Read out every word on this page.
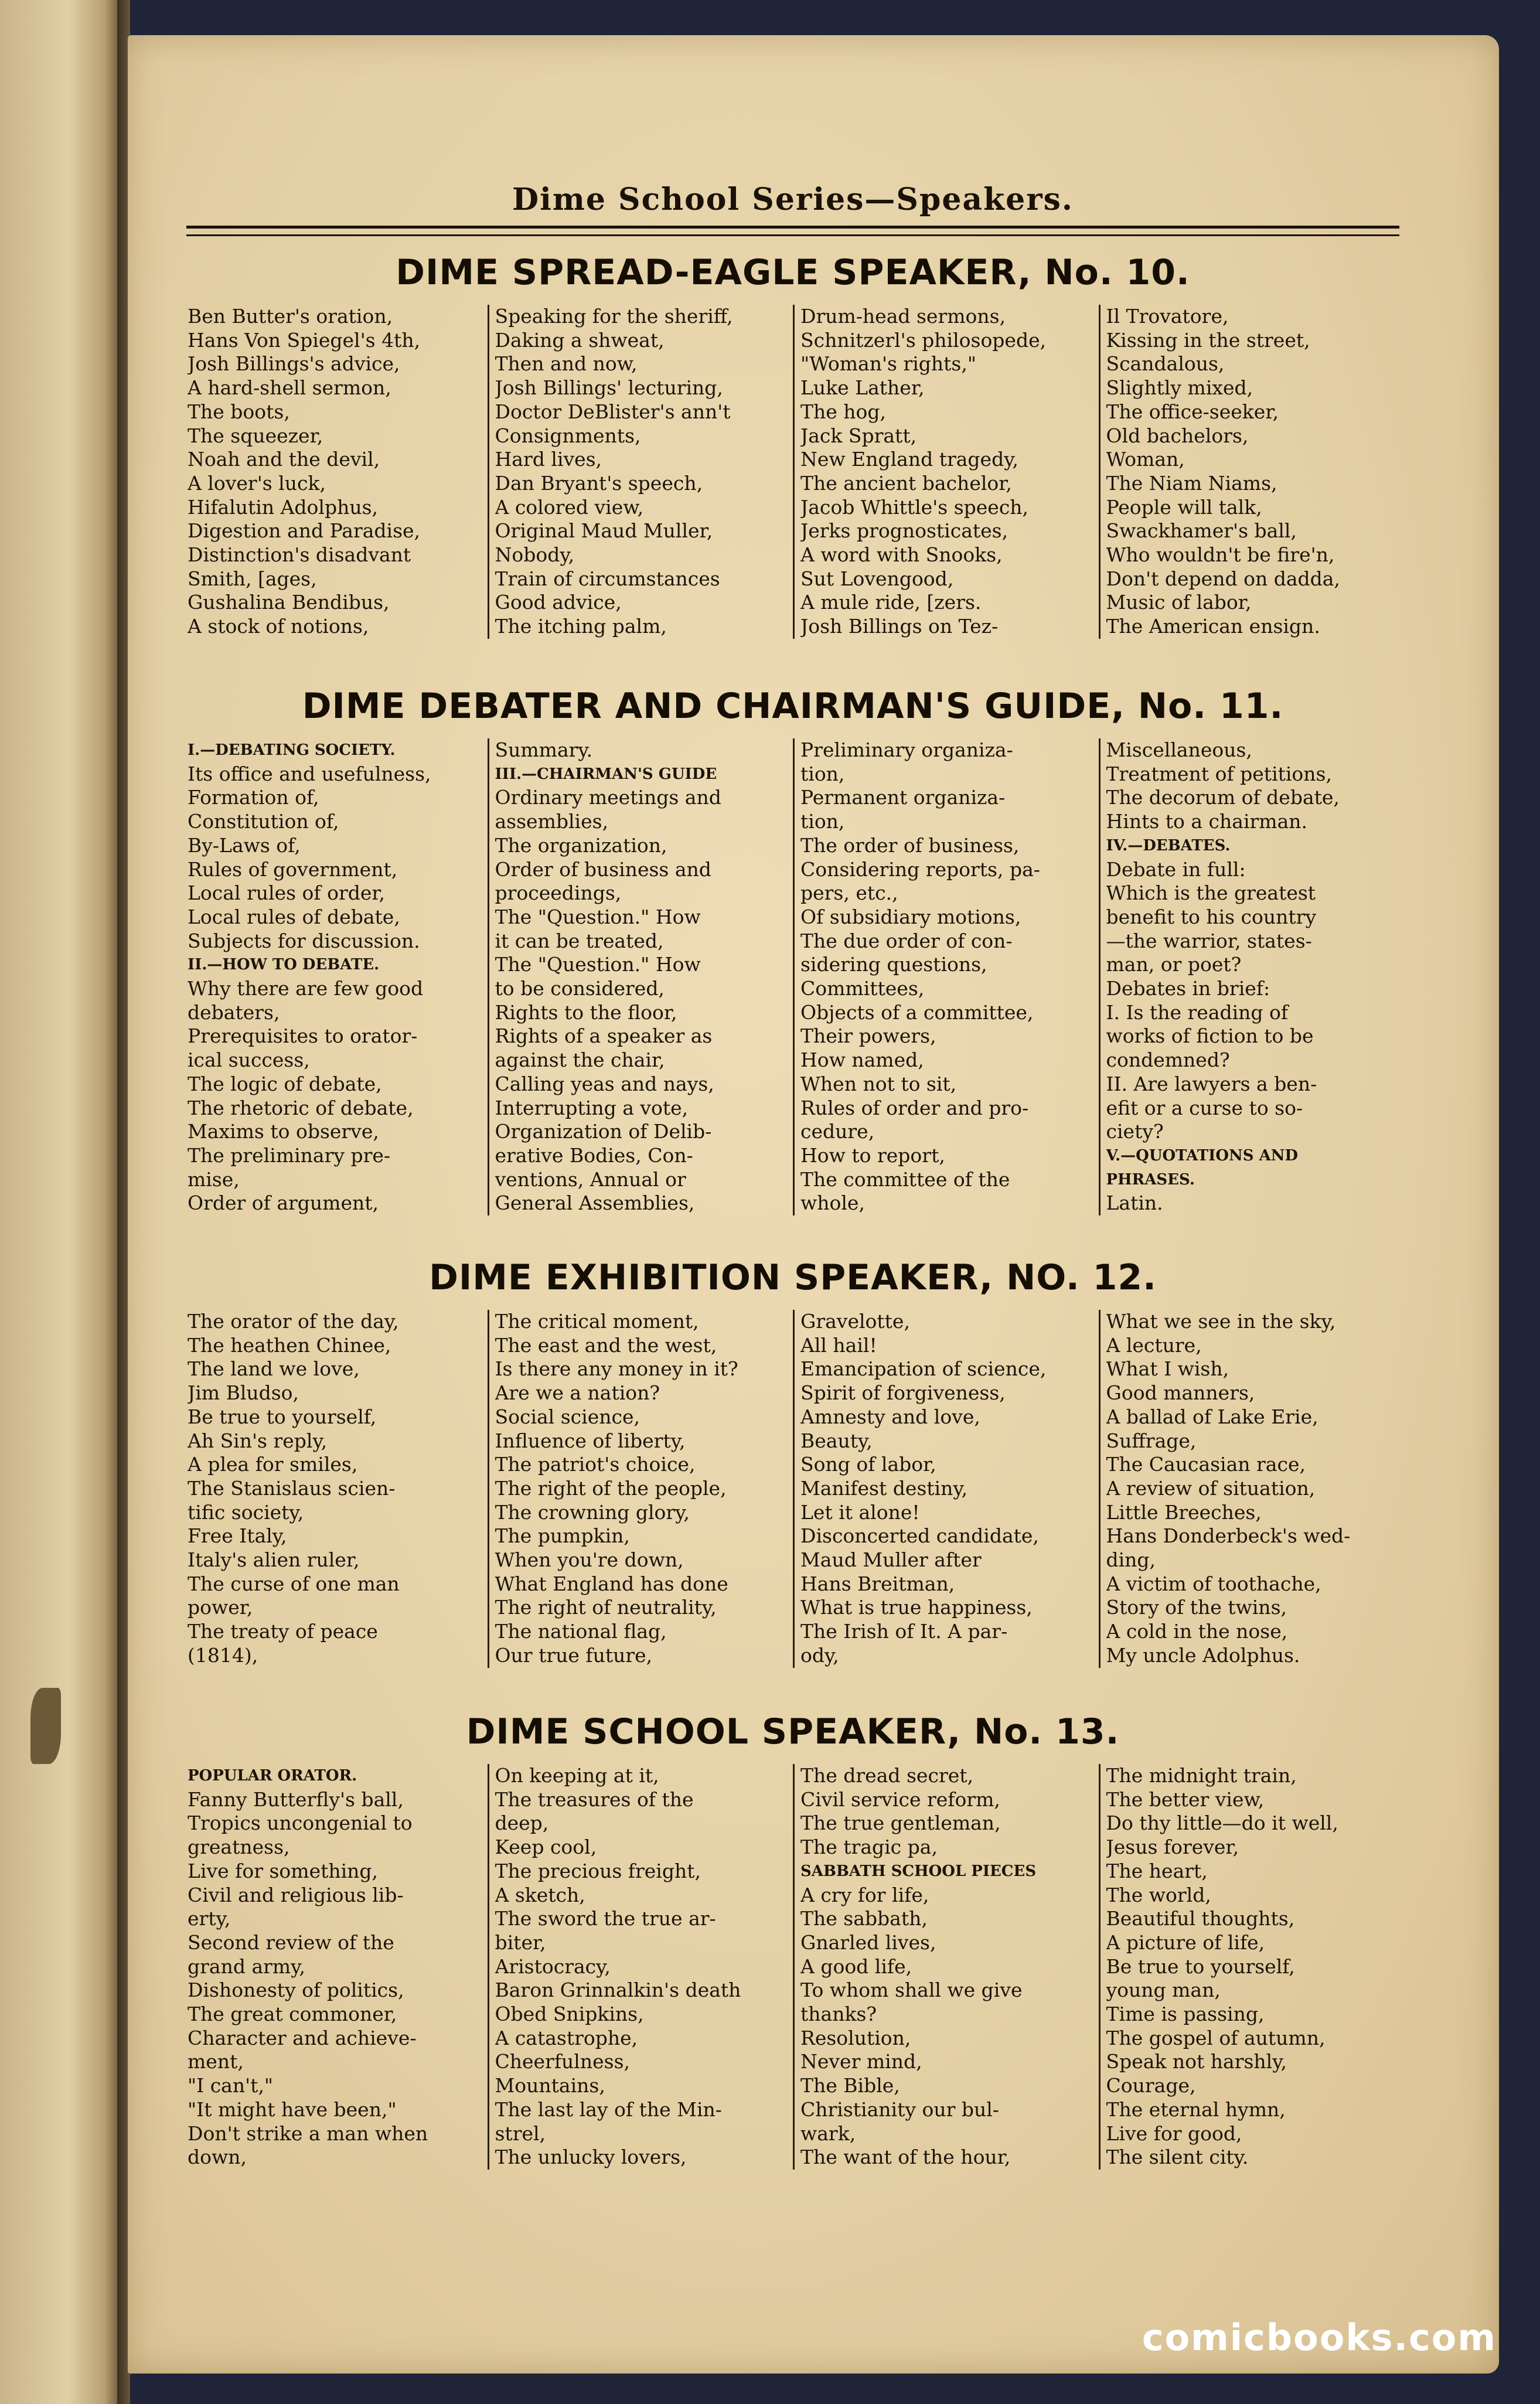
Dime School Series—Speakers.
DIME SPREAD-EAGLE SPEAKER, No. 10.
Ben Butter's oration,
Hans Von Spiegel's 4th,
Josh Billings's advice,
A hard-shell sermon,
The boots,
The squeezer,
Noah and the devil,
A lover's luck,
Hifalutin Adolphus,
Digestion and Paradise,
Distinction's disadvant
Smith, [ages,
Gushalina Bendibus,
A stock of notions,
Speaking for the sheriff,
Daking a shweat,
Then and now,
Josh Billings' lecturing,
Doctor DeBlister's ann't
Consignments,
Hard lives,
Dan Bryant's speech,
A colored view,
Original Maud Muller,
Nobody,
Train of circumstances
Good advice,
The itching palm,
Drum-head sermons,
Schnitzerl's philosopede,
"Woman's rights,"
Luke Lather,
The hog,
Jack Spratt,
New England tragedy,
The ancient bachelor,
Jacob Whittle's speech,
Jerks prognosticates,
A word with Snooks,
Sut Lovengood,
A mule ride, [zers.
Josh Billings on Tez-
Il Trovatore,
Kissing in the street,
Scandalous,
Slightly mixed,
The office-seeker,
Old bachelors,
Woman,
The Niam Niams,
People will talk,
Swackhamer's ball,
Who wouldn't be fire'n,
Don't depend on dadda,
Music of labor,
The American ensign.
DIME DEBATER AND CHAIRMAN'S GUIDE, No. 11.
I.—DEBATING SOCIETY.
Its office and usefulness,
Formation of,
Constitution of,
By-Laws of,
Rules of government,
Local rules of order,
Local rules of debate,
Subjects for discussion.
II.—HOW TO DEBATE.
Why there are few good
debaters,
Prerequisites to orator-
ical success,
The logic of debate,
The rhetoric of debate,
Maxims to observe,
The preliminary pre-
mise,
Order of argument,
Summary.
III.—CHAIRMAN'S GUIDE
Ordinary meetings and
assemblies,
The organization,
Order of business and
proceedings,
The "Question." How
it can be treated,
The "Question." How
to be considered,
Rights to the floor,
Rights of a speaker as
against the chair,
Calling yeas and nays,
Interrupting a vote,
Organization of Delib-
erative Bodies, Con-
ventions, Annual or
General Assemblies,
Preliminary organiza-
tion,
Permanent organiza-
tion,
The order of business,
Considering reports, pa-
pers, etc.,
Of subsidiary motions,
The due order of con-
sidering questions,
Committees,
Objects of a committee,
Their powers,
How named,
When not to sit,
Rules of order and pro-
cedure,
How to report,
The committee of the
whole,
Miscellaneous,
Treatment of petitions,
The decorum of debate,
Hints to a chairman.
IV.—DEBATES.
Debate in full:
Which is the greatest
benefit to his country
—the warrior, states-
man, or poet?
Debates in brief:
I. Is the reading of
works of fiction to be
condemned?
II. Are lawyers a ben-
efit or a curse to so-
ciety?
V.—QUOTATIONS AND
PHRASES.
Latin.
DIME EXHIBITION SPEAKER, NO. 12.
The orator of the day,
The heathen Chinee,
The land we love,
Jim Bludso,
Be true to yourself,
Ah Sin's reply,
A plea for smiles,
The Stanislaus scien-
tific society,
Free Italy,
Italy's alien ruler,
The curse of one man
power,
The treaty of peace
(1814),
The critical moment,
The east and the west,
Is there any money in it?
Are we a nation?
Social science,
Influence of liberty,
The patriot's choice,
The right of the people,
The crowning glory,
The pumpkin,
When you're down,
What England has done
The right of neutrality,
The national flag,
Our true future,
Gravelotte,
All hail!
Emancipation of science,
Spirit of forgiveness,
Amnesty and love,
Beauty,
Song of labor,
Manifest destiny,
Let it alone!
Disconcerted candidate,
Maud Muller after
Hans Breitman,
What is true happiness,
The Irish of It. A par-
ody,
What we see in the sky,
A lecture,
What I wish,
Good manners,
A ballad of Lake Erie,
Suffrage,
The Caucasian race,
A review of situation,
Little Breeches,
Hans Donderbeck's wed-
ding,
A victim of toothache,
Story of the twins,
A cold in the nose,
My uncle Adolphus.
DIME SCHOOL SPEAKER, No. 13.
POPULAR ORATOR.
Fanny Butterfly's ball,
Tropics uncongenial to
greatness,
Live for something,
Civil and religious lib-
erty,
Second review of the
grand army,
Dishonesty of politics,
The great commoner,
Character and achieve-
ment,
"I can't,"
"It might have been,"
Don't strike a man when
down,
On keeping at it,
The treasures of the
deep,
Keep cool,
The precious freight,
A sketch,
The sword the true ar-
biter,
Aristocracy,
Baron Grinnalkin's death
Obed Snipkins,
A catastrophe,
Cheerfulness,
Mountains,
The last lay of the Min-
strel,
The unlucky lovers,
The dread secret,
Civil service reform,
The true gentleman,
The tragic pa,
SABBATH SCHOOL PIECES
A cry for life,
The sabbath,
Gnarled lives,
A good life,
To whom shall we give
thanks?
Resolution,
Never mind,
The Bible,
Christianity our bul-
wark,
The want of the hour,
The midnight train,
The better view,
Do thy little—do it well,
Jesus forever,
The heart,
The world,
Beautiful thoughts,
A picture of life,
Be true to yourself,
young man,
Time is passing,
The gospel of autumn,
Speak not harshly,
Courage,
The eternal hymn,
Live for good,
The silent city.
comicbooks.com
